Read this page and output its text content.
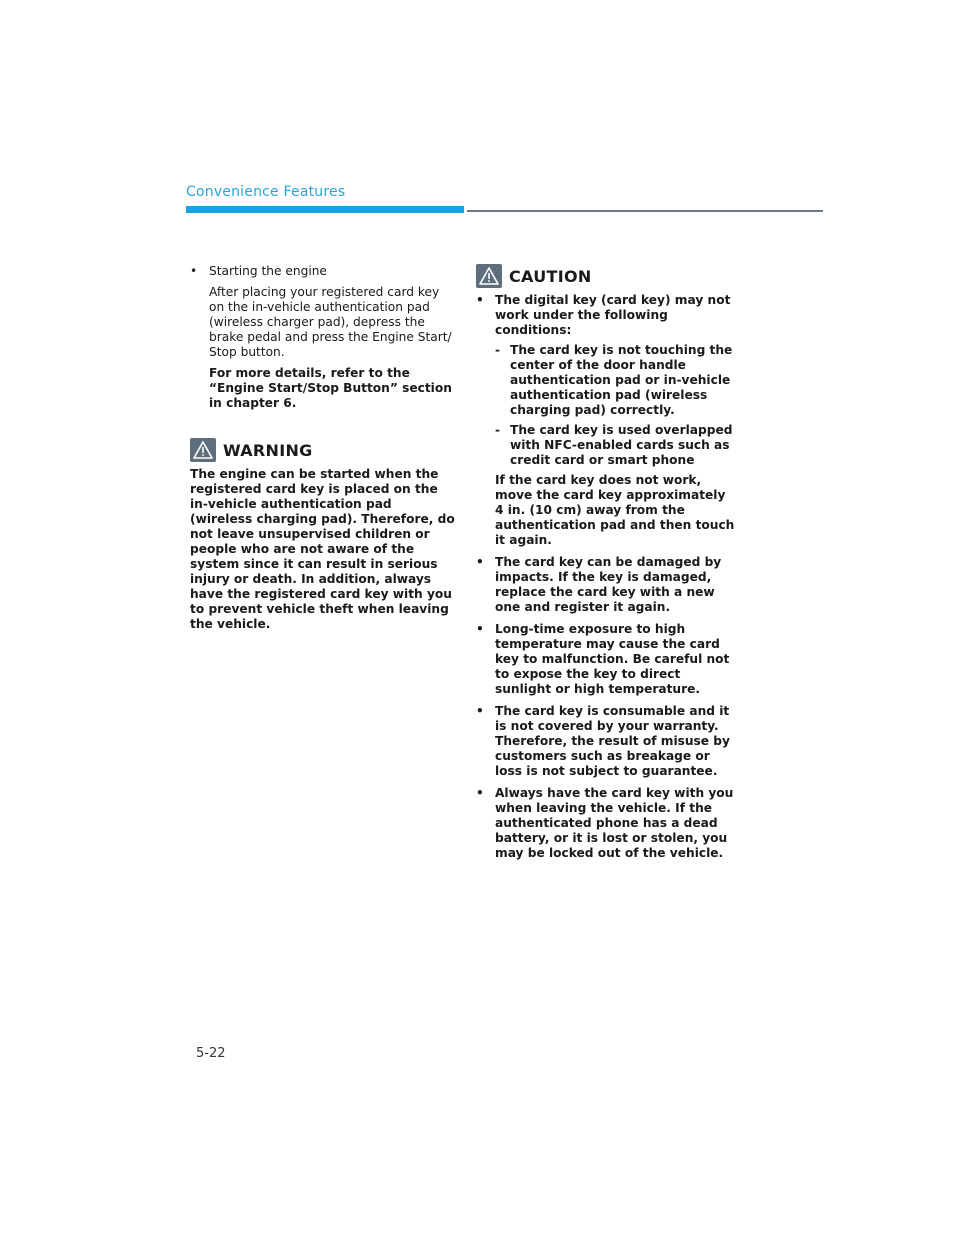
Convenience Features
• Starting the engine
After placing your registered card key on the in-vehicle authentication pad (wireless charger pad), depress the brake pedal and press the Engine Start/ Stop button.
For more details, refer to the “Engine Start/Stop Button” section in chapter 6.
WARNING
The engine can be started when the registered card key is placed on the in-vehicle authentication pad (wireless charging pad). Therefore, do not leave unsupervised children or people who are not aware of the system since it can result in serious injury or death. In addition, always have the registered card key with you to prevent vehicle theft when leaving the vehicle.
CAUTION
• The digital key (card key) may not work under the following conditions:
- The card key is not touching the center of the door handle authentication pad or in-vehicle authentication pad (wireless charging pad) correctly.
- The card key is used overlapped with NFC-enabled cards such as credit card or smart phone
If the card key does not work, move the card key approximately 4 in. (10 cm) away from the authentication pad and then touch it again.
• The card key can be damaged by impacts. If the key is damaged, replace the card key with a new one and register it again.
• Long-time exposure to high temperature may cause the card key to malfunction. Be careful not to expose the key to direct sunlight or high temperature.
• The card key is consumable and it is not covered by your warranty. Therefore, the result of misuse by customers such as breakage or loss is not subject to guarantee.
• Always have the card key with you when leaving the vehicle. If the authenticated phone has a dead battery, or it is lost or stolen, you may be locked out of the vehicle.
5-22
